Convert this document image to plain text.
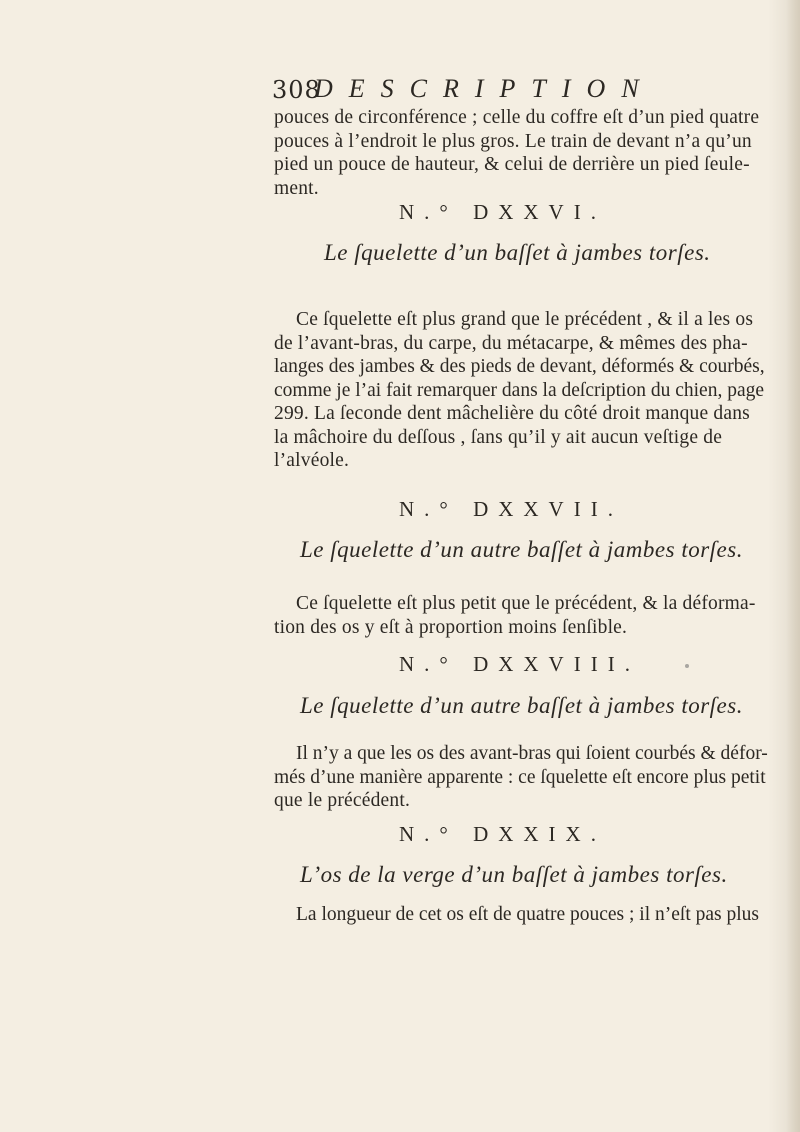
308
DESCRIPTION

pouces de circonférence ; celle du coffre eſt d’un pied quatre

pouces à l’endroit le plus gros. Le train de devant n’a qu’un

pied un pouce de hauteur, & celui de derrière un pied ſeule-

ment.

N.° DXXVI.
Le ſquelette d’un baſſet à jambes torſes.

Ce ſquelette eſt plus grand que le précédent , & il a les os

de l’avant-bras, du carpe, du métacarpe, & mêmes des pha-

langes des jambes & des pieds de devant, déformés & courbés,

comme je l’ai fait remarquer dans la deſcription du chien, page

299. La ſeconde dent mâchelière du côté droit manque dans

la mâchoire du deſſous , ſans qu’il y ait aucun veſtige de

l’alvéole.

N.° DXXVII.
Le ſquelette d’un autre baſſet à jambes torſes.

Ce ſquelette eſt plus petit que le précédent, & la déforma-

tion des os y eſt à proportion moins ſenſible.

N.° DXXVIII.
Le ſquelette d’un autre baſſet à jambes torſes.

Il n’y a que les os des avant-bras qui ſoient courbés & défor-

més d’une manière apparente : ce ſquelette eſt encore plus petit

que le précédent.

N.° DXXIX.
L’os de la verge d’un baſſet à jambes torſes.

La longueur de cet os eſt de quatre pouces ; il n’eſt pas plus
